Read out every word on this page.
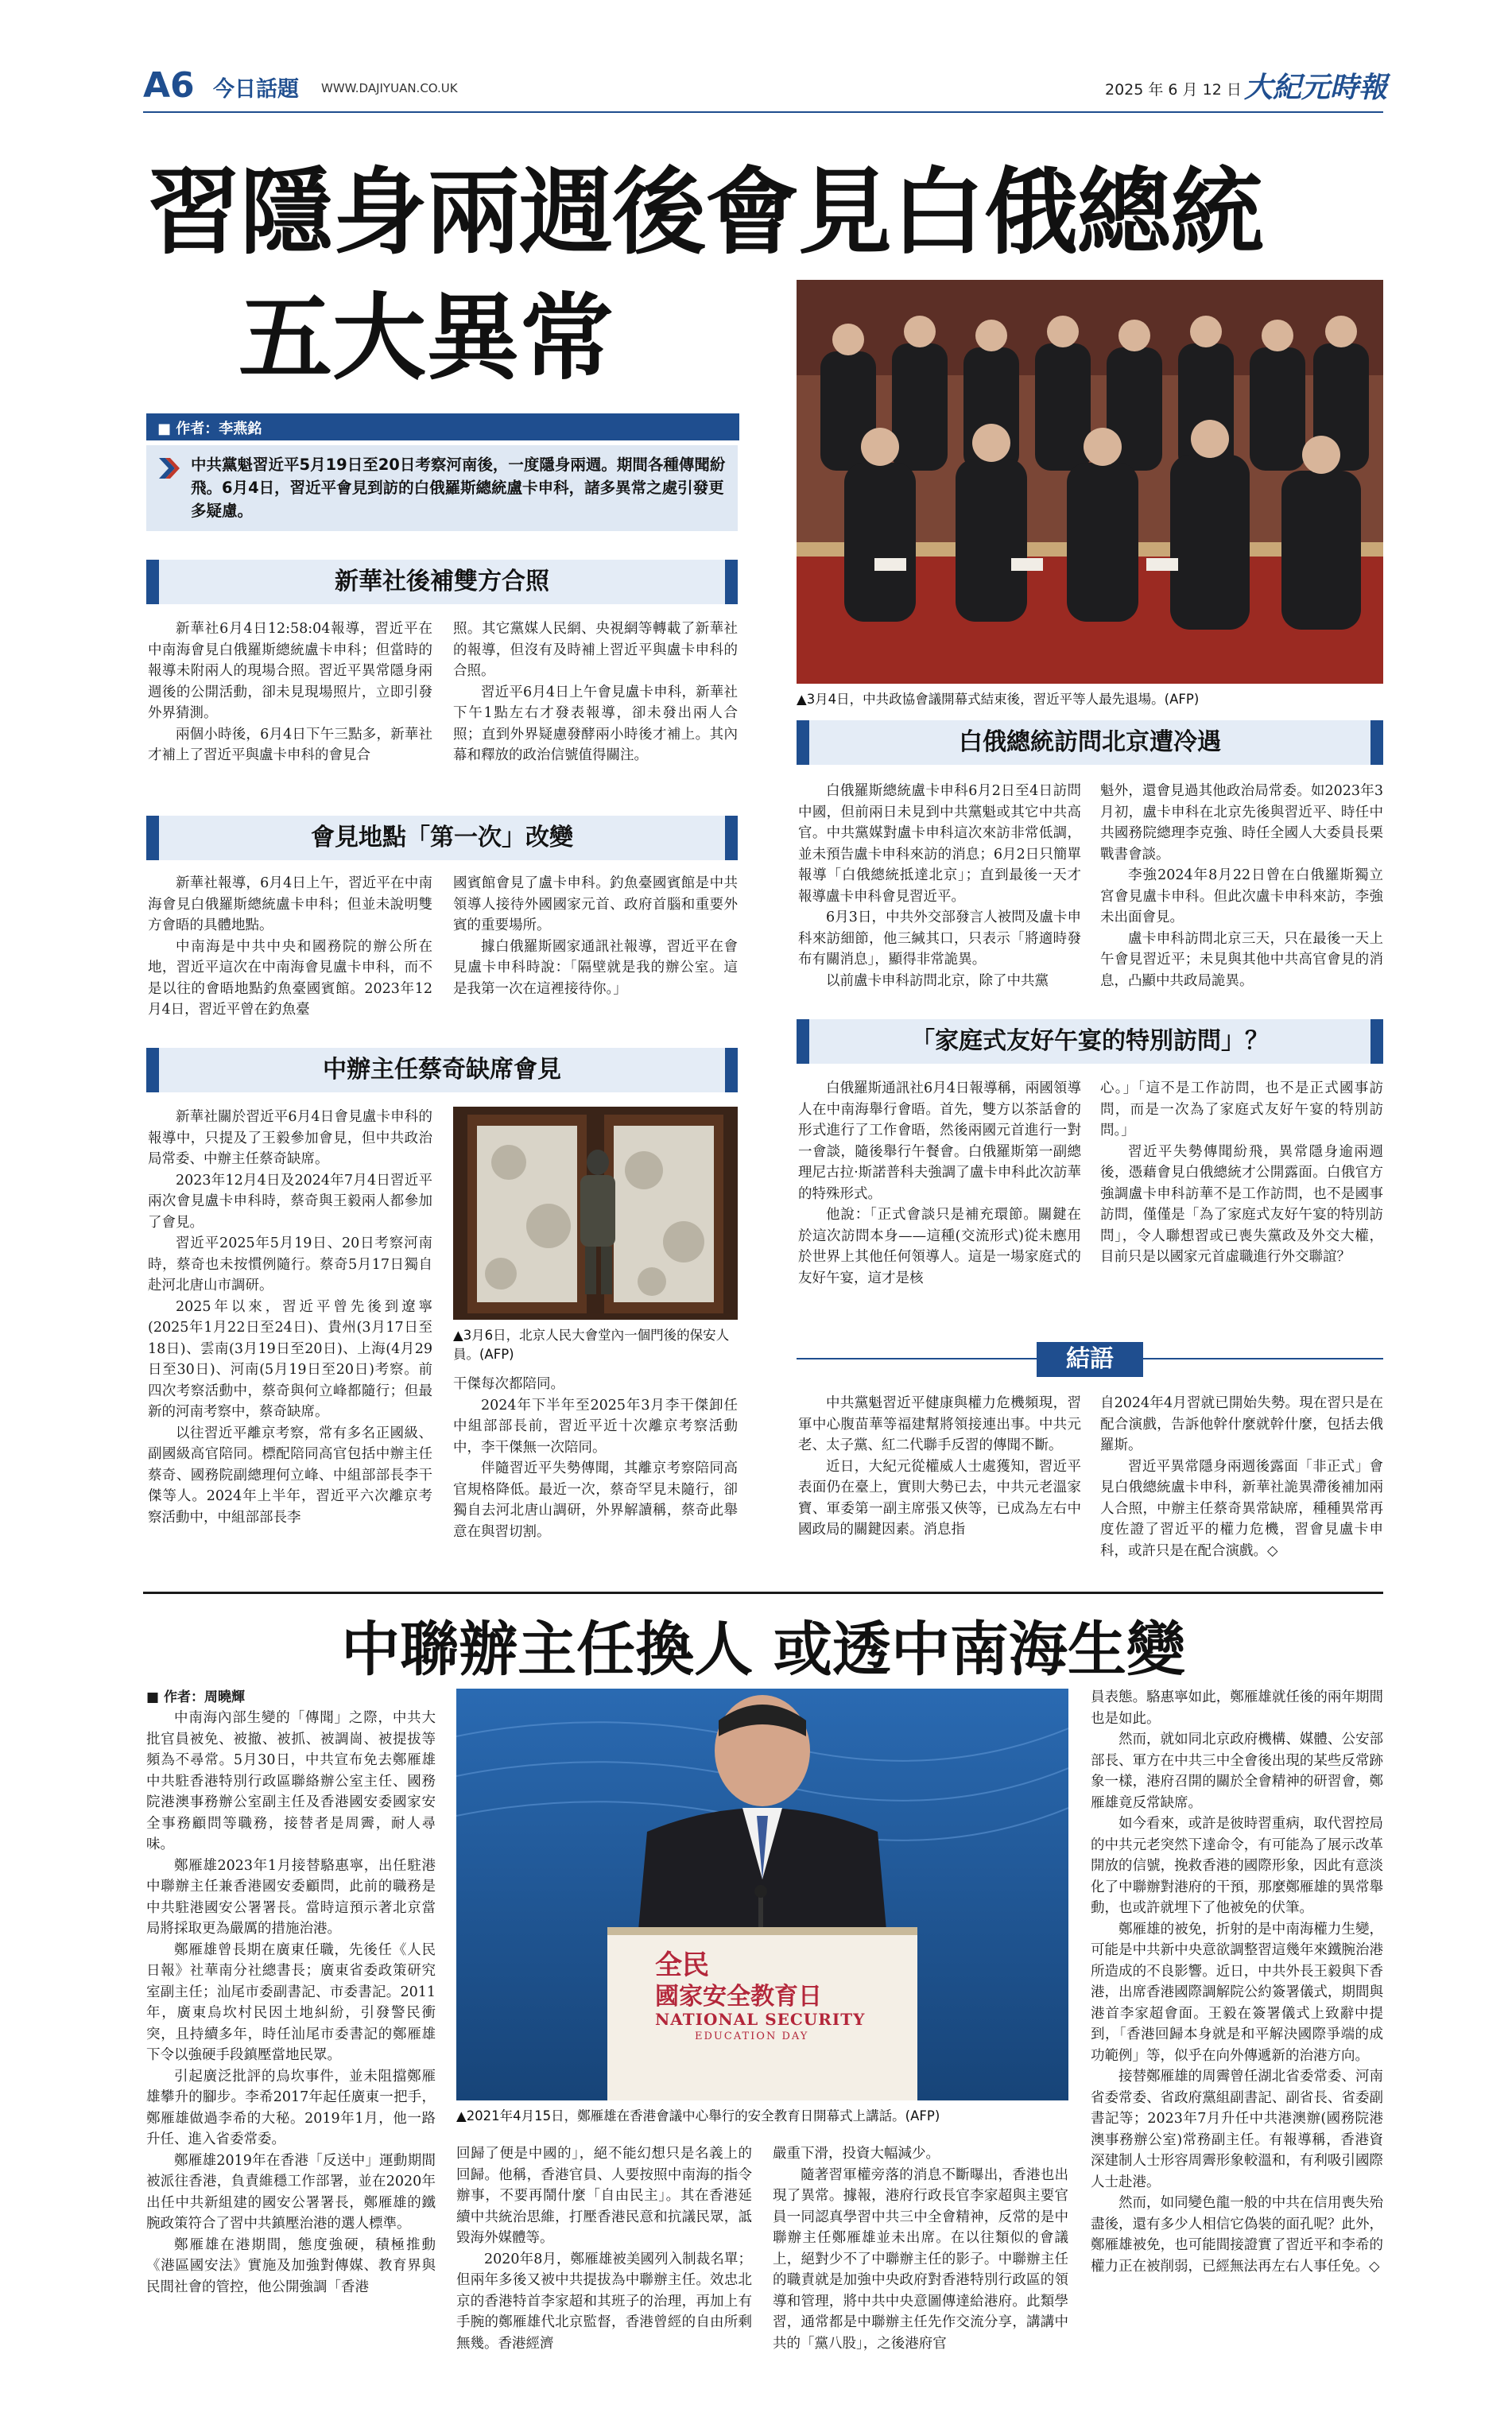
A6 今日話題 WWW.DAJIYUAN.CO.UK	2025 年 6 月 12 日 大紀元時報
習隱身兩週後會見白俄總統
五大異常
■ 作者：李燕銘

中共黨魁習近平5月19日至20日考察河南後，一度隱身兩週。期間各種傳聞紛飛。6月4日，習近平會見到訪的白俄羅斯總統盧卡申科，諸多異常之處引發更多疑慮。

新華社後補雙方合照

新華社6月4日12:58:04報導，習近平在中南海會見白俄羅斯總統盧卡申科；但當時的報導未附兩人的現場合照。習近平異常隱身兩週後的公開活動，卻未見現場照片，立即引發外界猜測。

兩個小時後，6月4日下午三點多，新華社才補上了習近平與盧卡申科的會見合

照。其它黨媒人民網、央視網等轉載了新華社的報導，但沒有及時補上習近平與盧卡申科的合照。

習近平6月4日上午會見盧卡申科，新華社下午1點左右才發表報導，卻未發出兩人合照；直到外界疑慮發酵兩小時後才補上。其內幕和釋放的政治信號值得關注。

會見地點「第一次」改變

新華社報導，6月4日上午，習近平在中南海會見白俄羅斯總統盧卡申科；但並未說明雙方會晤的具體地點。

中南海是中共中央和國務院的辦公所在地，習近平這次在中南海會見盧卡申科，而不是以往的會晤地點釣魚臺國賓館。2023年12月4日，習近平曾在釣魚臺

國賓館會見了盧卡申科。釣魚臺國賓館是中共領導人接待外國國家元首、政府首腦和重要外賓的重要場所。

據白俄羅斯國家通訊社報導，習近平在會見盧卡申科時說：「隔壁就是我的辦公室。這是我第一次在這裡接待你。」

中辦主任蔡奇缺席會見

新華社關於習近平6月4日會見盧卡申科的報導中，只提及了王毅參加會見，但中共政治局常委、中辦主任蔡奇缺席。

2023年12月4日及2024年7月4日習近平兩次會見盧卡申科時，蔡奇與王毅兩人都參加了會見。

習近平2025年5月19日、20日考察河南時，蔡奇也未按慣例隨行。蔡奇5月17日獨自赴河北唐山市調研。

2025年以來，習近平曾先後到遼寧(2025年1月22日至24日)、貴州(3月17日至18日)、雲南(3月19日至20日)、上海(4月29日至30日)、河南(5月19日至20日)考察。前四次考察活動中，蔡奇與何立峰都隨行；但最新的河南考察中，蔡奇缺席。

以往習近平離京考察，常有多名正國級、副國級高官陪同。標配陪同高官包括中辦主任蔡奇、國務院副總理何立峰、中組部部長李干傑等人。2024年上半年，習近平六次離京考察活動中，中組部部長李

▲3月6日，北京人民大會堂內一個門後的保安人員。(AFP)

干傑每次都陪同。

2024年下半年至2025年3月李干傑卸任中組部部長前，習近平近十次離京考察活動中，李干傑無一次陪同。

伴隨習近平失勢傳聞，其離京考察陪同高官規格降低。最近一次，蔡奇罕見未隨行，卻獨自去河北唐山調研，外界解讀稱，蔡奇此舉意在與習切割。

▲3月4日，中共政協會議開幕式結束後，習近平等人最先退場。(AFP)
白俄總統訪問北京遭冷遇

白俄羅斯總統盧卡申科6月2日至4日訪問中國，但前兩日未見到中共黨魁或其它中共高官。中共黨媒對盧卡申科這次來訪非常低調，並未預告盧卡申科來訪的消息；6月2日只簡單報導「白俄總統抵達北京」；直到最後一天才報導盧卡申科會見習近平。

6月3日，中共外交部發言人被問及盧卡申科來訪細節，他三緘其口，只表示「將適時發布有關消息」，顯得非常詭異。

以前盧卡申科訪問北京，除了中共黨

魁外，還會見過其他政治局常委。如2023年3月初，盧卡申科在北京先後與習近平、時任中共國務院總理李克強、時任全國人大委員長栗戰書會談。

李強2024年8月22日曾在白俄羅斯獨立宮會見盧卡申科。但此次盧卡申科來訪，李強未出面會見。

盧卡申科訪問北京三天，只在最後一天上午會見習近平；未見與其他中共高官會見的消息，凸顯中共政局詭異。

「家庭式友好午宴的特別訪問」？

白俄羅斯通訊社6月4日報導稱，兩國領導人在中南海舉行會晤。首先，雙方以茶話會的形式進行了工作會晤，然後兩國元首進行一對一會談，隨後舉行午餐會。白俄羅斯第一副總理尼古拉·斯諾普科夫強調了盧卡申科此次訪華的特殊形式。

他說：「正式會談只是補充環節。關鍵在於這次訪問本身——這種(交流形式)從未應用於世界上其他任何領導人。這是一場家庭式的友好午宴，這才是核

心。」「這不是工作訪問，也不是正式國事訪問，而是一次為了家庭式友好午宴的特別訪問。」

習近平失勢傳聞紛飛，異常隱身逾兩週後，憑藉會見白俄總統才公開露面。白俄官方強調盧卡申科訪華不是工作訪問，也不是國事訪問，僅僅是「為了家庭式友好午宴的特別訪問」，令人聯想習或已喪失黨政及外交大權，目前只是以國家元首虛職進行外交聯誼？

結語

中共黨魁習近平健康與權力危機頻現，習軍中心腹苗華等福建幫將領接連出事。中共元老、太子黨、紅二代聯手反習的傳聞不斷。

近日，大紀元從權威人士處獲知，習近平表面仍在臺上，實則大勢已去，中共元老溫家寶、軍委第一副主席張又俠等，已成為左右中國政局的關鍵因素。消息指

自2024年4月習就已開始失勢。現在習只是在配合演戲，告訴他幹什麼就幹什麼，包括去俄羅斯。

習近平異常隱身兩週後露面「非正式」會見白俄總統盧卡申科，新華社詭異滯後補加兩人合照，中辦主任蔡奇異常缺席，種種異常再度佐證了習近平的權力危機，習會見盧卡申科，或許只是在配合演戲。◇

中聯辦主任換人 或透中南海生變
■ 作者：周曉輝

中南海內部生變的「傳聞」之際，中共大批官員被免、被撤、被抓、被調崗、被提拔等頻為不尋常。5月30日，中共宣布免去鄭雁雄中共駐香港特別行政區聯絡辦公室主任、國務院港澳事務辦公室副主任及香港國安委國家安全事務顧問等職務，接替者是周霽，耐人尋味。

鄭雁雄2023年1月接替駱惠寧，出任駐港中聯辦主任兼香港國安委顧問，此前的職務是中共駐港國安公署署長。當時這預示著北京當局將採取更為嚴厲的措施治港。

鄭雁雄曾長期在廣東任職，先後任《人民日報》社華南分社總書長；廣東省委政策研究室副主任；汕尾市委副書記、市委書記。2011年，廣東烏坎村民因土地糾紛，引發警民衝突，且持續多年，時任汕尾市委書記的鄭雁雄下令以強硬手段鎮壓當地民眾。

引起廣泛批評的烏坎事件，並未阻擋鄭雁雄攀升的腳步。李希2017年起任廣東一把手，鄭雁雄做過李希的大秘。2019年1月，他一路升任、進入省委常委。

鄭雁雄2019年在香港「反送中」運動期間被派往香港，負責維穩工作部署，並在2020年出任中共新組建的國安公署署長，鄭雁雄的鐵腕政策符合了習中共鎮壓治港的選人標準。

鄭雁雄在港期間，態度強硬，積極推動《港區國安法》實施及加強對傳媒、教育界與民間社會的管控，他公開強調「香港

全民
國家安全教育日
NATIONAL SECURITY
EDUCATION DAY
▲2021年4月15日，鄭雁雄在香港會議中心舉行的安全教育日開幕式上講話。(AFP)

回歸了便是中國的」，絕不能幻想只是名義上的回歸。他稱，香港官員、人要按照中南海的指令辦事，不要再鬧什麼「自由民主」。其在香港延續中共統治思維，打壓香港民意和抗議民眾，詆毀海外媒體等。

2020年8月，鄭雁雄被美國列入制裁名單；但兩年多後又被中共提拔為中聯辦主任。效忠北京的香港特首李家超和其班子的治理，再加上有手腕的鄭雁雄代北京監督，香港曾經的自由所剩無幾。香港經濟

嚴重下滑，投資大幅減少。

隨著習軍權旁落的消息不斷曝出，香港也出現了異常。據報，港府行政長官李家超與主要官員一同認真學習中共三中全會精神，反常的是中聯辦主任鄭雁雄並未出席。在以往類似的會議上，絕對少不了中聯辦主任的影子。中聯辦主任的職責就是加強中央政府對香港特別行政區的領導和管理，將中共中央意圖傳達給港府。此類學習，通常都是中聯辦主任先作交流分享，講講中共的「黨八股」，之後港府官

員表態。駱惠寧如此，鄭雁雄就任後的兩年期間也是如此。

然而，就如同北京政府機構、媒體、公安部部長、軍方在中共三中全會後出現的某些反常跡象一樣，港府召開的關於全會精神的研習會，鄭雁雄竟反常缺席。

如今看來，或許是彼時習重病，取代習控局的中共元老突然下達命令，有可能為了展示改革開放的信號，挽救香港的國際形象，因此有意淡化了中聯辦對港府的干預，那麼鄭雁雄的異常舉動，也或許就埋下了他被免的伏筆。

鄭雁雄的被免，折射的是中南海權力生變，可能是中共新中央意欲調整習這幾年來鐵腕治港所造成的不良影響。近日，中共外長王毅與下香港，出席香港國際調解院公約簽署儀式，期間與港首李家超會面。王毅在簽署儀式上致辭中提到，「香港回歸本身就是和平解決國際爭端的成功範例」等，似乎在向外傳遞新的治港方向。

接替鄭雁雄的周霽曾任湖北省委常委、河南省委常委、省政府黨組副書記、副省長、省委副書記等；2023年7月升任中共港澳辦(國務院港澳事務辦公室)常務副主任。有報導稱，香港資深建制人士形容周霽形象較溫和，有利吸引國際人士赴港。

然而，如同變色龍一般的中共在信用喪失殆盡後，還有多少人相信它偽裝的面孔呢？此外，鄭雁雄被免，也可能間接證實了習近平和李希的權力正在被削弱，已經無法再左右人事任免。◇
